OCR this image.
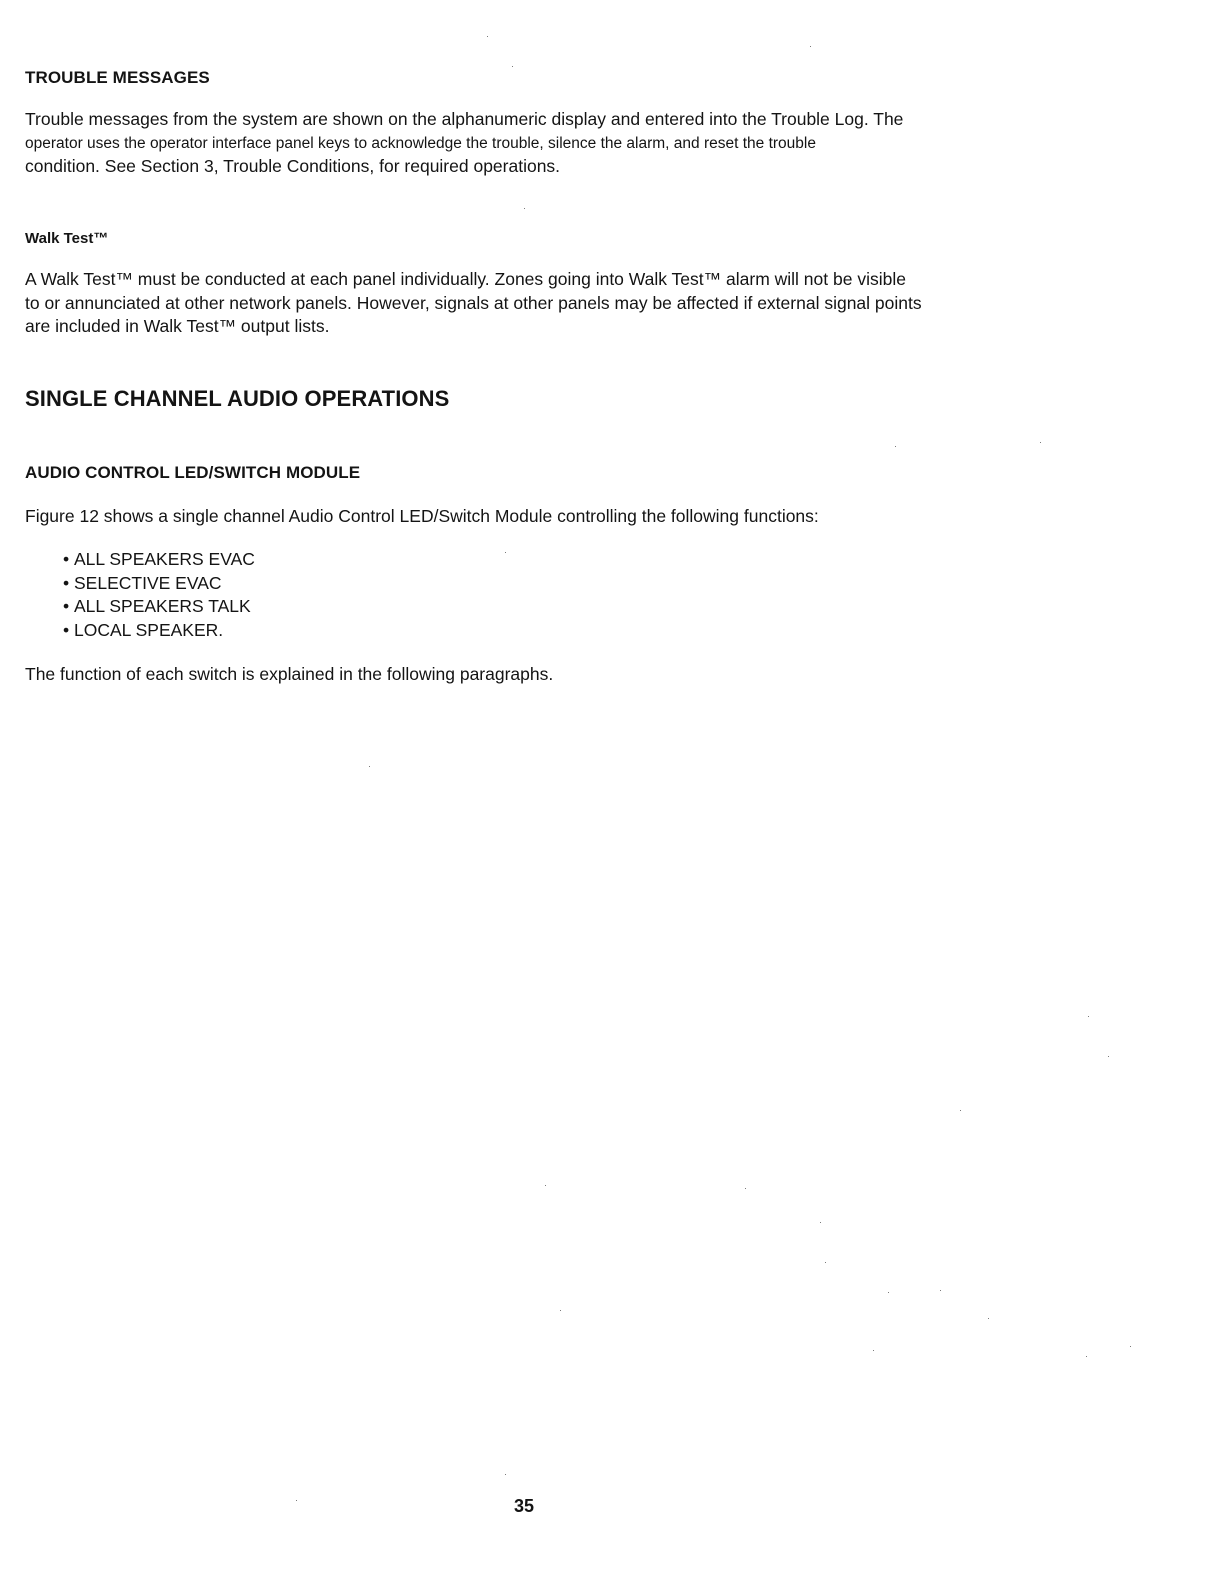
TROUBLE MESSAGES

Trouble messages from the system are shown on the alphanumeric display and entered into the Trouble Log. The
operator uses the operator interface panel keys to acknowledge the trouble, silence the alarm, and reset the trouble
condition. See Section 3, Trouble Conditions, for required operations.

Walk Test™

A Walk Test™ must be conducted at each panel individually. Zones going into Walk Test™ alarm will not be visible
to or annunciated at other network panels. However, signals at other panels may be affected if external signal points
are included in Walk Test™ output lists.

SINGLE CHANNEL AUDIO OPERATIONS
AUDIO CONTROL LED/SWITCH MODULE

Figure 12 shows a single channel Audio Control LED/Switch Module controlling the following functions:

• ALL SPEAKERS EVAC
• SELECTIVE EVAC
• ALL SPEAKERS TALK
• LOCAL SPEAKER.

The function of each switch is explained in the following paragraphs.

35
